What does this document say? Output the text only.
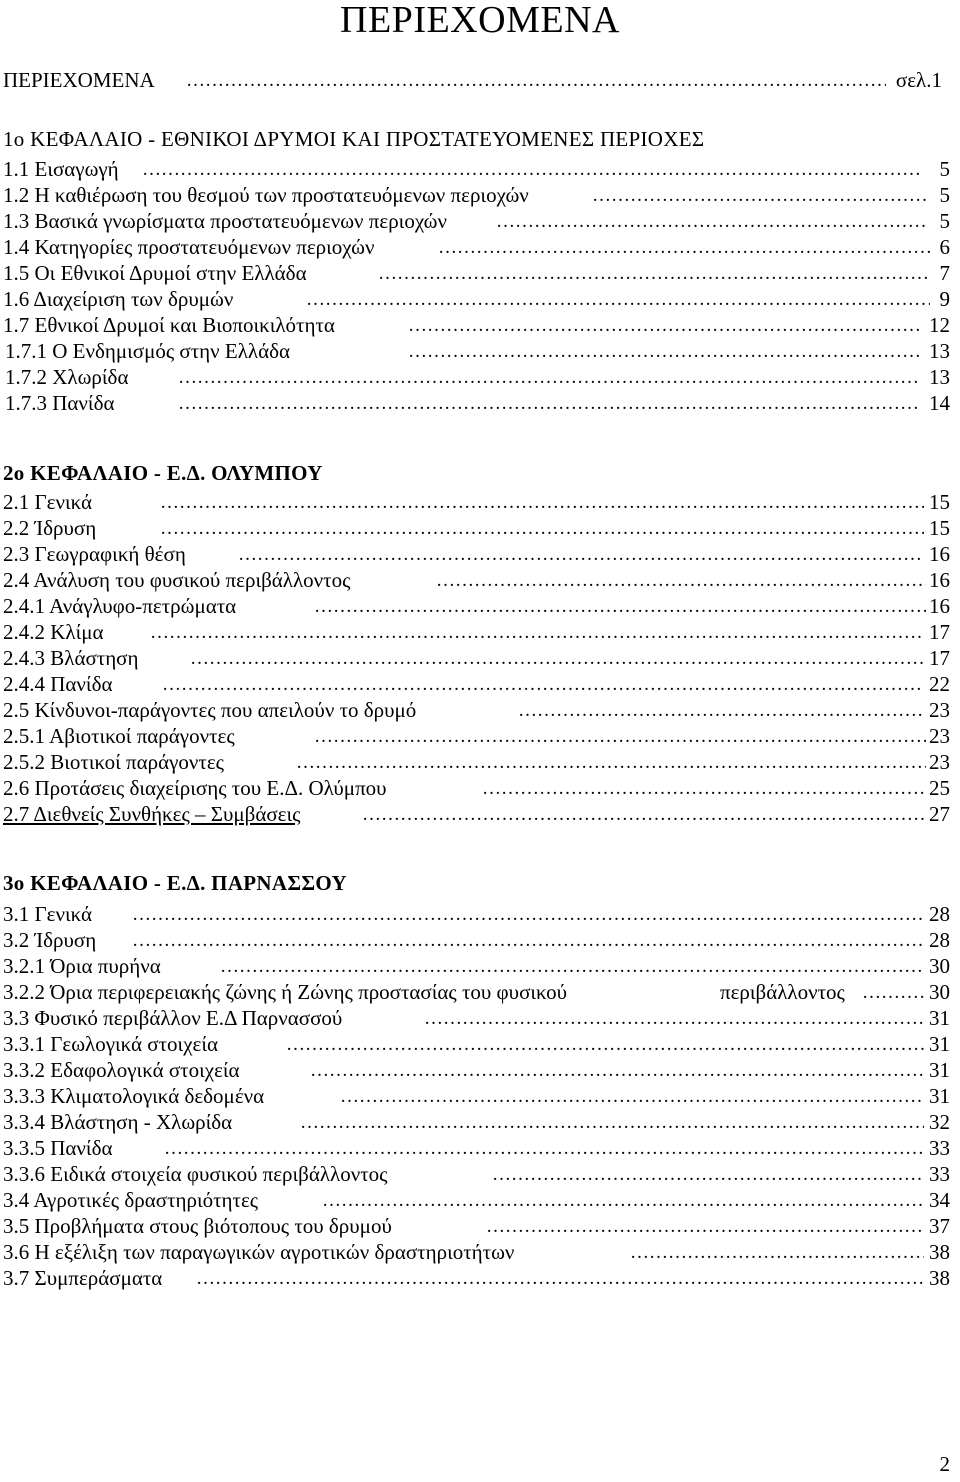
ΠΕΡΙΕΧΟΜΕΝΑ
ΠΕΡΙΕΧΟΜΕΝΑ ……………………………………………………………………………………………………………………………………………………………………………………………………………………………………………………………………………	σελ.1
1ο ΚΕΦΑΛΑΙΟ - ΕΘΝΙΚΟΙ ΔΡΥΜΟΙ ΚΑΙ ΠΡΟΣΤΑΤΕΥΟΜΕΝΕΣ ΠΕΡΙΟΧΕΣ
1.1 Εισαγωγή ……………………………………………………………………………………………………………………………………………………………………………………………………………………………………………………………………………	5
1.2 Η καθιέρωση του θεσμού των προστατευόμενων περιοχών ……………………………………………………………………………………………………………………………………………………………………………………………………………………………………………………………………………	5
1.3 Βασικά γνωρίσματα προστατευόμενων περιοχών ……………………………………………………………………………………………………………………………………………………………………………………………………………………………………………………………………………	5
1.4 Κατηγορίες προστατευόμενων περιοχών ……………………………………………………………………………………………………………………………………………………………………………………………………………………………………………………………………………	6
1.5 Οι Εθνικοί Δρυμοί στην Ελλάδα ……………………………………………………………………………………………………………………………………………………………………………………………………………………………………………………………………………	7
1.6 Διαχείριση των δρυμών ……………………………………………………………………………………………………………………………………………………………………………………………………………………………………………………………………………	9
1.7 Εθνικοί Δρυμοί και Βιοποικιλότητα ……………………………………………………………………………………………………………………………………………………………………………………………………………………………………………………………………………	12
1.7.1 Ο Ενδημισμός στην Ελλάδα ……………………………………………………………………………………………………………………………………………………………………………………………………………………………………………………………………………	13
1.7.2 Χλωρίδα ……………………………………………………………………………………………………………………………………………………………………………………………………………………………………………………………………………	13
1.7.3 Πανίδα ……………………………………………………………………………………………………………………………………………………………………………………………………………………………………………………………………………	14
2ο ΚΕΦΑΛΑΙΟ - Ε.Δ. ΟΛΥΜΠΟΥ
2.1 Γενικά ……………………………………………………………………………………………………………………………………………………………………………………………………………………………………………………………………………	15
2.2 Ίδρυση ……………………………………………………………………………………………………………………………………………………………………………………………………………………………………………………………………………	15
2.3 Γεωγραφική θέση ……………………………………………………………………………………………………………………………………………………………………………………………………………………………………………………………………………	16
2.4 Ανάλυση του φυσικού περιβάλλοντος ……………………………………………………………………………………………………………………………………………………………………………………………………………………………………………………………………………	16
2.4.1 Ανάγλυφο-πετρώματα ……………………………………………………………………………………………………………………………………………………………………………………………………………………………………………………………………………	16
2.4.2 Κλίμα ……………………………………………………………………………………………………………………………………………………………………………………………………………………………………………………………………………	17
2.4.3 Βλάστηση ……………………………………………………………………………………………………………………………………………………………………………………………………………………………………………………………………………	17
2.4.4 Πανίδα ……………………………………………………………………………………………………………………………………………………………………………………………………………………………………………………………………………	22
2.5 Κίνδυνοι-παράγοντες που απειλούν το δρυμό ……………………………………………………………………………………………………………………………………………………………………………………………………………………………………………………………………………	23
2.5.1 Αβιοτικοί παράγοντες ……………………………………………………………………………………………………………………………………………………………………………………………………………………………………………………………………………	23
2.5.2 Βιοτικοί παράγοντες ……………………………………………………………………………………………………………………………………………………………………………………………………………………………………………………………………………	23
2.6 Προτάσεις διαχείρισης του Ε.Δ. Ολύμπου ……………………………………………………………………………………………………………………………………………………………………………………………………………………………………………………………………………	25
2.7 Διεθνείς Συνθήκες – Συμβάσεις ……………………………………………………………………………………………………………………………………………………………………………………………………………………………………………………………………………	27
3ο ΚΕΦΑΛΑΙΟ - Ε.Δ. ΠΑΡΝΑΣΣΟΥ
3.1 Γενικά ……………………………………………………………………………………………………………………………………………………………………………………………………………………………………………………………………………	28
3.2 Ίδρυση ……………………………………………………………………………………………………………………………………………………………………………………………………………………………………………………………………………	28
3.2.1 Όρια πυρήνα ……………………………………………………………………………………………………………………………………………………………………………………………………………………………………………………………………………	30
3.2.2 Όρια περιφερειακής ζώνης ή Ζώνης προστασίας του φυσικού	περιβάλλοντος ……………………………………………………………………………………………………………………………………………………………………………………………………………………………………………………………………………	30
3.3 Φυσικό περιβάλλον Ε.Δ Παρνασσού ……………………………………………………………………………………………………………………………………………………………………………………………………………………………………………………………………………	31
3.3.1 Γεωλογικά στοιχεία ……………………………………………………………………………………………………………………………………………………………………………………………………………………………………………………………………………	31
3.3.2 Εδαφολογικά στοιχεία ……………………………………………………………………………………………………………………………………………………………………………………………………………………………………………………………………………	31
3.3.3 Κλιματολογικά δεδομένα ……………………………………………………………………………………………………………………………………………………………………………………………………………………………………………………………………………	31
3.3.4 Βλάστηση - Χλωρίδα ……………………………………………………………………………………………………………………………………………………………………………………………………………………………………………………………………………	32
3.3.5 Πανίδα ……………………………………………………………………………………………………………………………………………………………………………………………………………………………………………………………………………	33
3.3.6 Ειδικά στοιχεία φυσικού περιβάλλοντος ……………………………………………………………………………………………………………………………………………………………………………………………………………………………………………………………………………	33
3.4 Αγροτικές δραστηριότητες ……………………………………………………………………………………………………………………………………………………………………………………………………………………………………………………………………………	34
3.5 Προβλήματα στους βιότοπους του δρυμού ……………………………………………………………………………………………………………………………………………………………………………………………………………………………………………………………………………	37
3.6 Η εξέλιξη των παραγωγικών αγροτικών δραστηριοτήτων ……………………………………………………………………………………………………………………………………………………………………………………………………………………………………………………………………………	38
3.7 Συμπεράσματα ……………………………………………………………………………………………………………………………………………………………………………………………………………………………………………………………………………	38
2
